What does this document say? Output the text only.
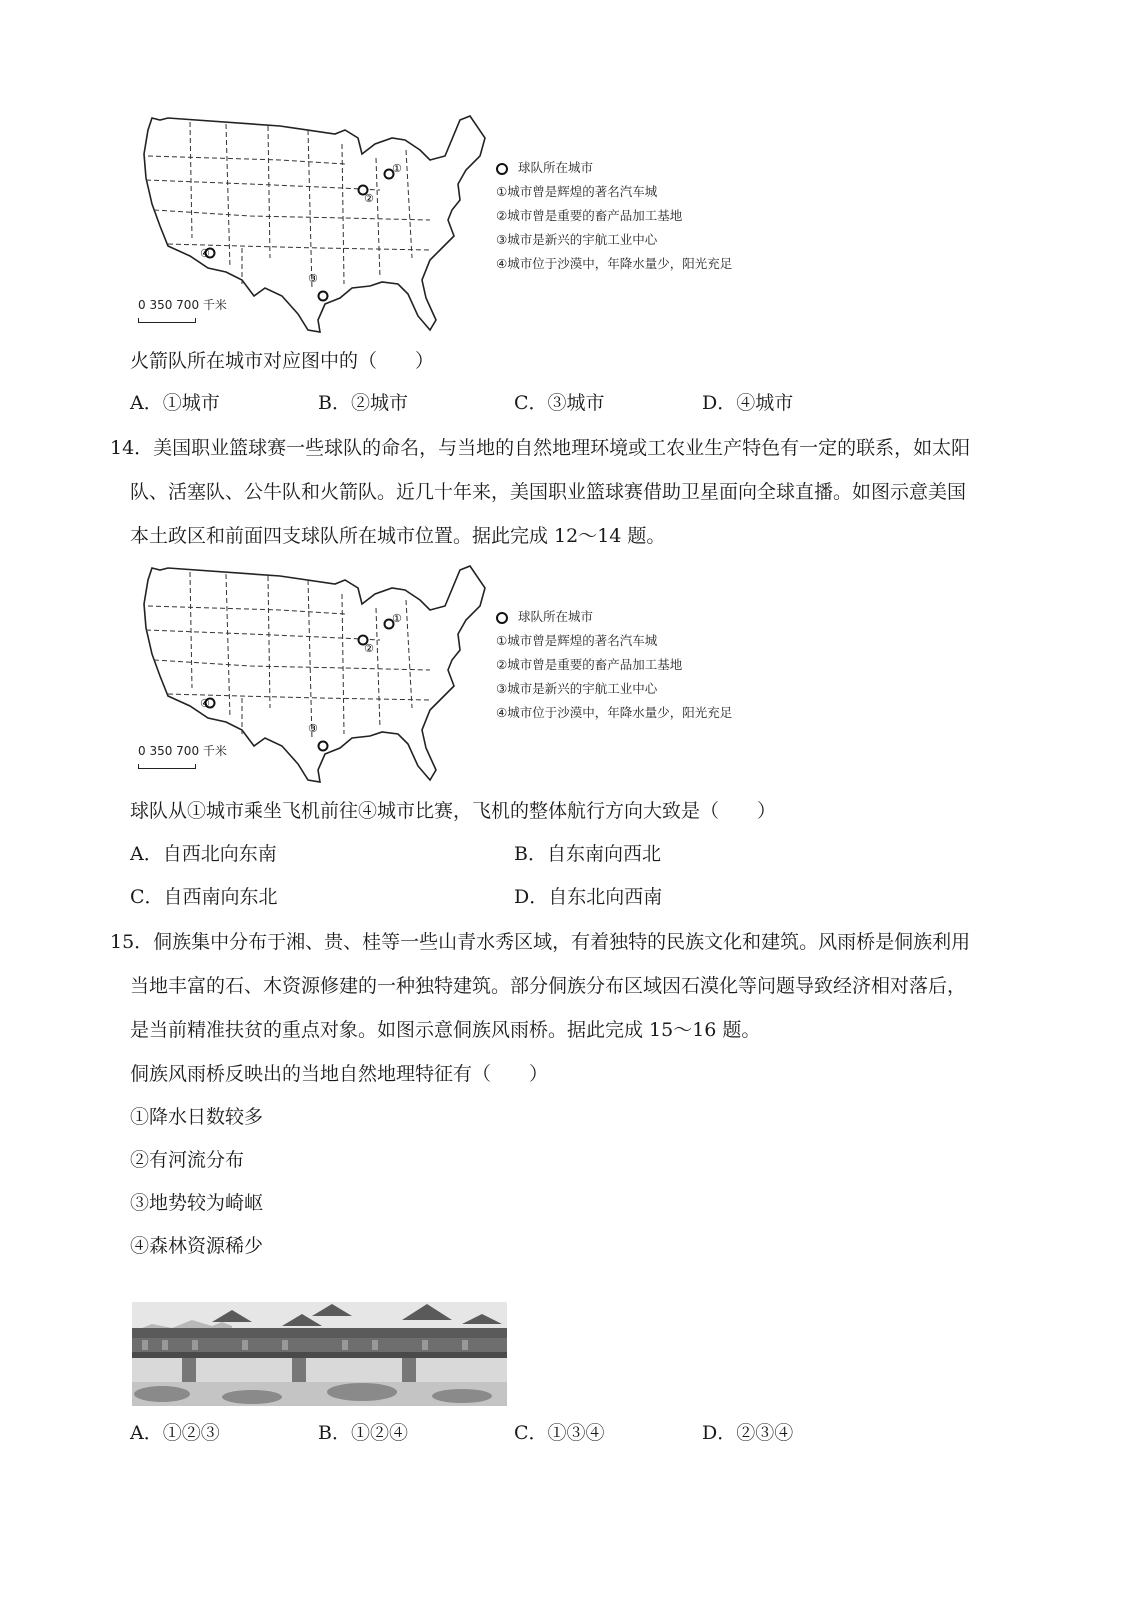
①
②
③
④
0 350 700 千米
球队所在城市
①城市曾是辉煌的著名汽车城
②城市曾是重要的畜产品加工基地
③城市是新兴的宇航工业中心
④城市位于沙漠中，年降水量少，阳光充足
火箭队所在城市对应图中的（　　）
A．①城市	B．②城市	C．③城市	D．④城市
14．美国职业篮球赛一些球队的命名，与当地的自然地理环境或工农业生产特色有一定的联系，如太阳
队、活塞队、公牛队和火箭队。近几十年来，美国职业篮球赛借助卫星面向全球直播。如图示意美国
本土政区和前面四支球队所在城市位置。据此完成 12～14 题。
①
②
③
④
0 350 700 千米
球队所在城市
①城市曾是辉煌的著名汽车城
②城市曾是重要的畜产品加工基地
③城市是新兴的宇航工业中心
④城市位于沙漠中，年降水量少，阳光充足
球队从①城市乘坐飞机前往④城市比赛，飞机的整体航行方向大致是（　　）
A．自西北向东南	B．自东南向西北
C．自西南向东北	D．自东北向西南
15．侗族集中分布于湘、贵、桂等一些山青水秀区域，有着独特的民族文化和建筑。风雨桥是侗族利用
当地丰富的石、木资源修建的一种独特建筑。部分侗族分布区域因石漠化等问题导致经济相对落后，
是当前精准扶贫的重点对象。如图示意侗族风雨桥。据此完成 15～16 题。
侗族风雨桥反映出的当地自然地理特征有（　　）
①降水日数较多
②有河流分布
③地势较为崎岖
④森林资源稀少
A．①②③	B．①②④	C．①③④	D．②③④
